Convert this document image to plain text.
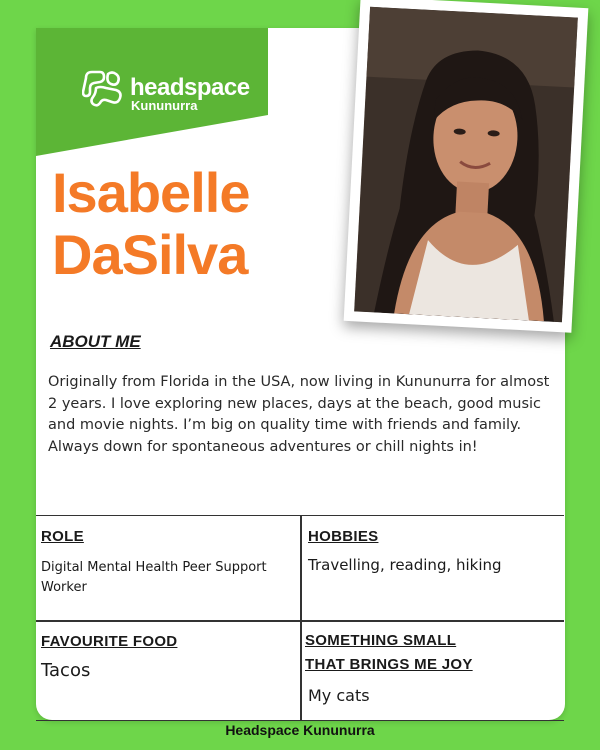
headspace
Kununurra
Isabelle
DaSilva
ABOUT ME

Originally from Florida in the USA, now living in Kununurra for almost 2 years. I love exploring new places, days at the beach, good music and movie nights. I’m big on quality time with friends and family. Always down for spontaneous adventures or chill nights in!

ROLE
Digital Mental Health Peer Support Worker
HOBBIES
Travelling, reading, hiking
FAVOURITE FOOD
Tacos
SOMETHING SMALL
THAT BRINGS ME JOY
My cats
Headspace Kununurra
